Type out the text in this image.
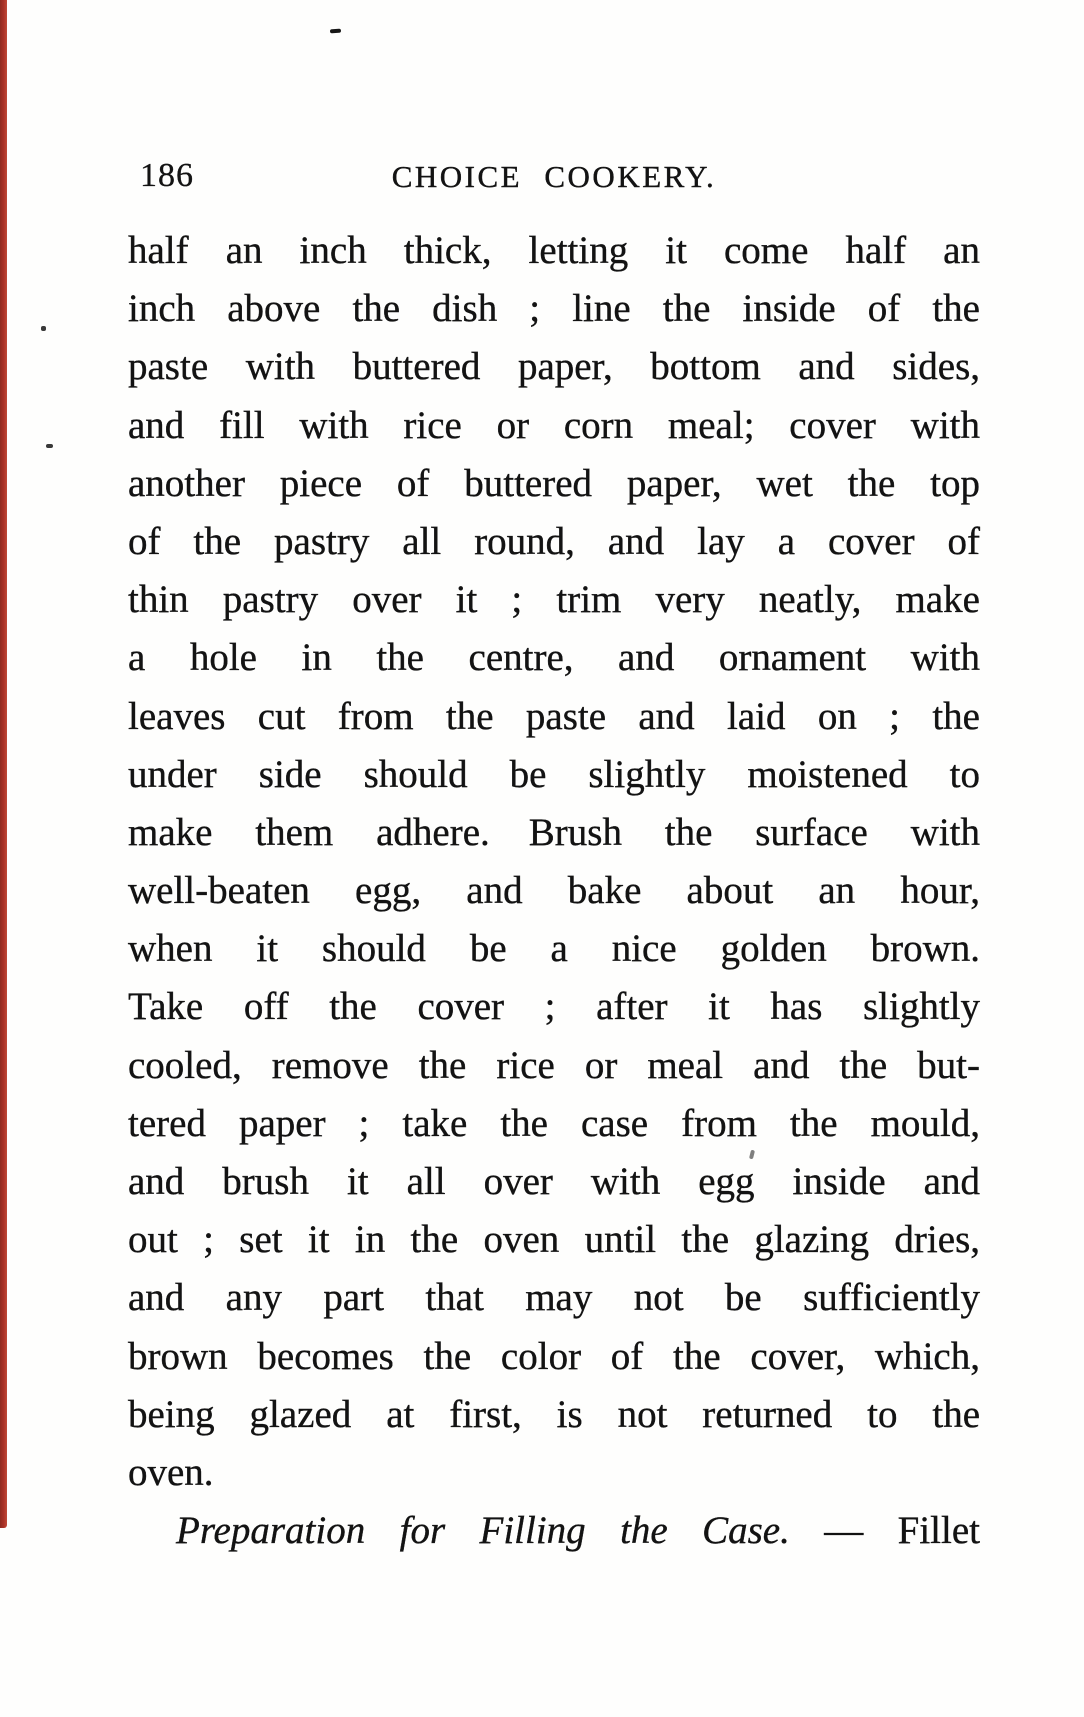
186	CHOICE COOKERY.
half an inch thick, letting it come half an
inch above the dish ; line the inside of the
paste with buttered paper, bottom and sides,
and fill with rice or corn meal; cover with
another piece of buttered paper, wet the top
of the pastry all round, and lay a cover of
thin pastry over it ; trim very neatly, make
a hole in the centre, and ornament with
leaves cut from the paste and laid on ; the
under side should be slightly moistened to
make them adhere. Brush the surface with
well-beaten egg, and bake about an hour,
when it should be a nice golden brown.
Take off the cover ; after it has slightly
cooled, remove the rice or meal and the but-
tered paper ; take the case from the mould,
and brush it all over with egg inside and
out ; set it in the oven until the glazing dries,
and any part that may not be sufficiently
brown becomes the color of the cover, which,
being glazed at first, is not returned to the
oven.
Preparation for Filling the Case. — Fillet
